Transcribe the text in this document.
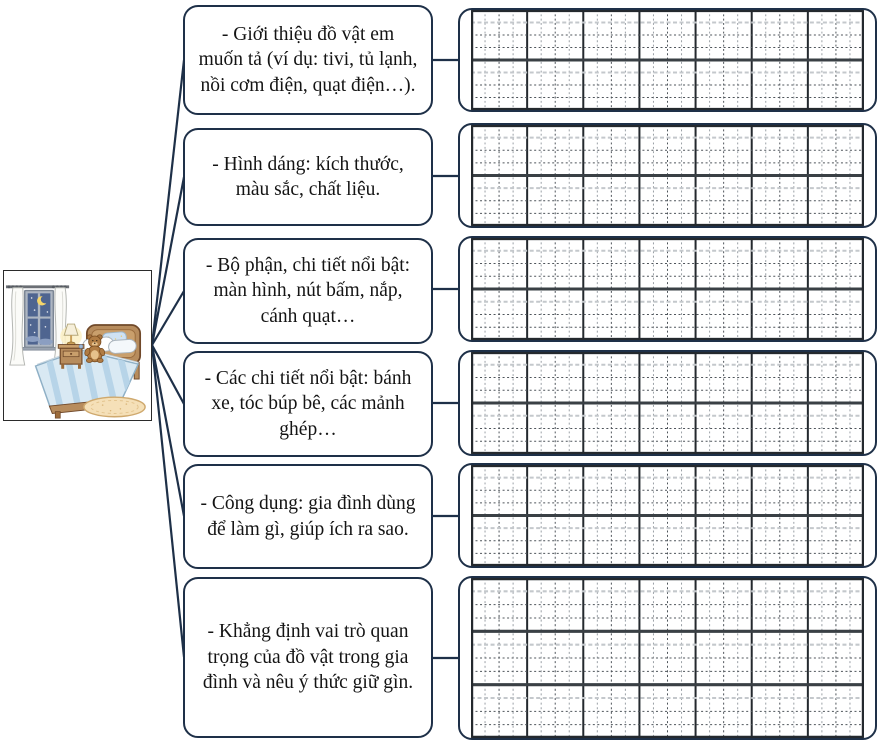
- Giới thiệu đồ vật em muốn tả (ví dụ: tivi, tủ lạnh, nồi cơm điện, quạt điện…).

- Hình dáng: kích thước, màu sắc, chất liệu.

- Bộ phận, chi tiết nổi bật: màn hình, nút bấm, nắp, cánh quạt…

- Các chi tiết nổi bật: bánh xe, tóc búp bê, các mảnh ghép…

- Công dụng: gia đình dùng để làm gì, giúp ích ra sao.

- Khẳng định vai trò quan trọng của đồ vật trong gia đình và nêu ý thức giữ gìn.
